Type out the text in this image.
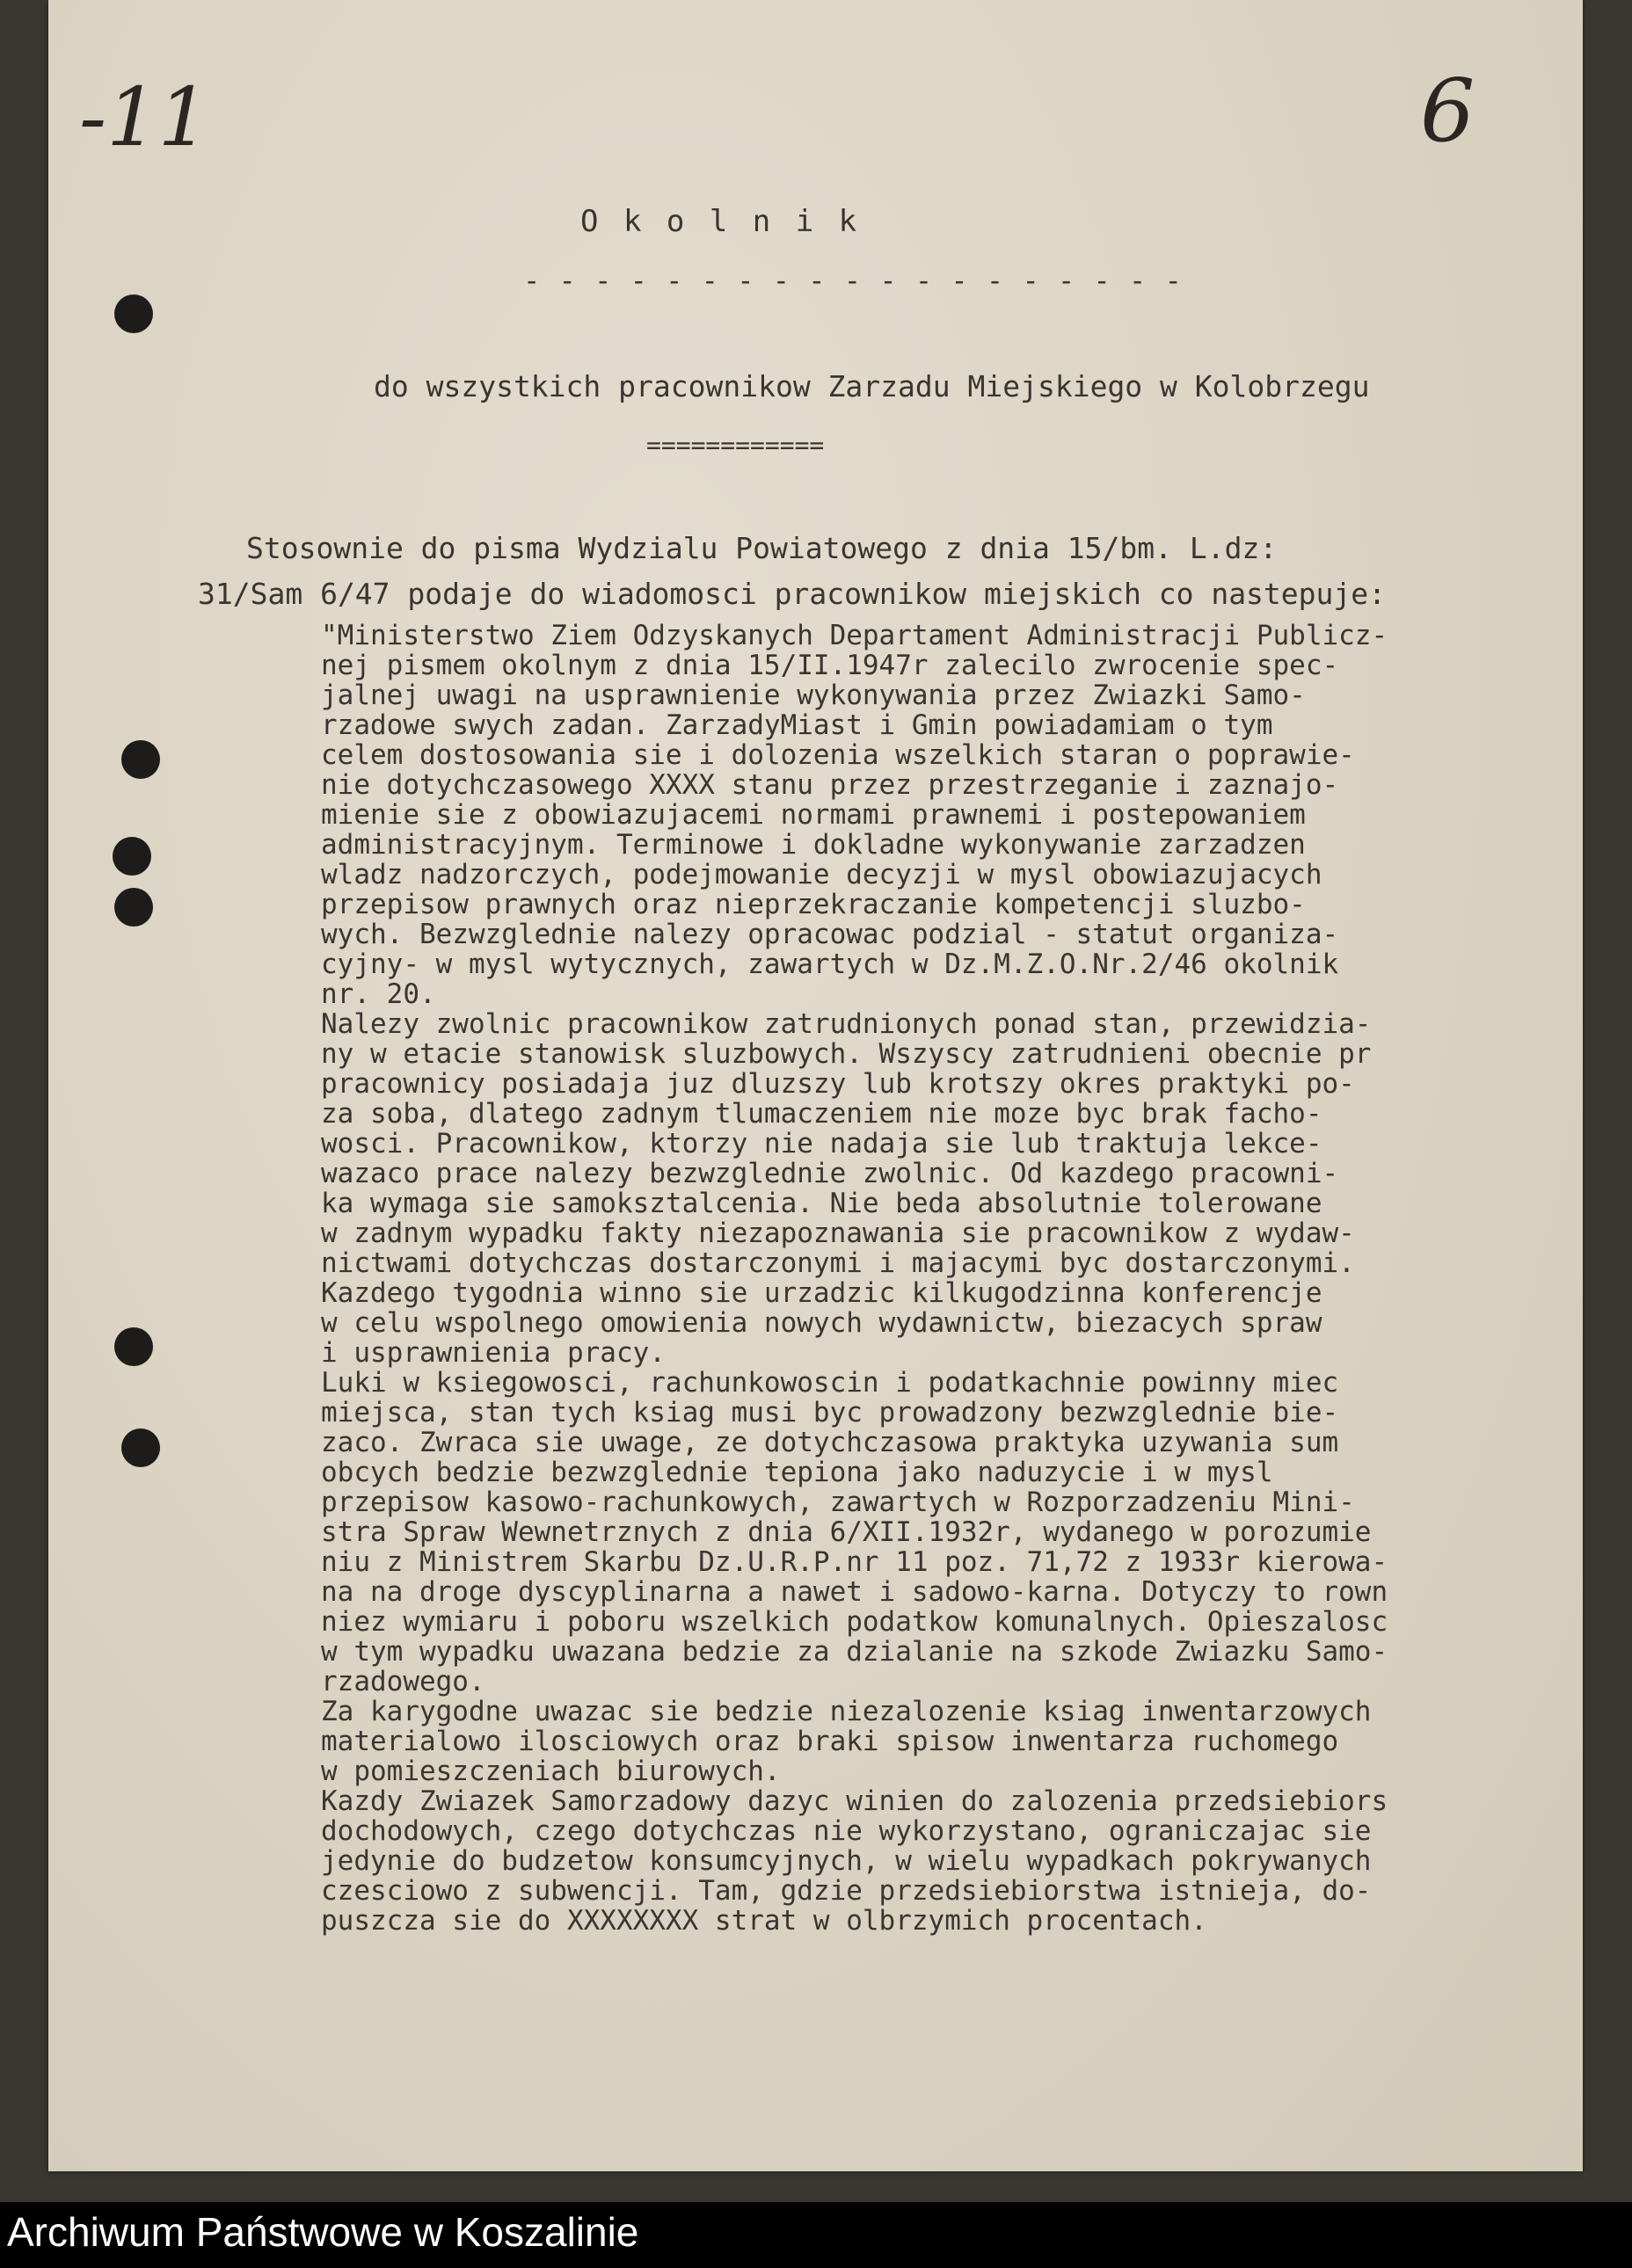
-11	6
O k o l n i k
- - - - - - - - - - - - - - - - - - -
do wszystkich pracownikow Zarzadu Miejskiego w Kolobrzegu
============
Stosownie do pisma Wydzialu Powiatowego z dnia 15/bm. L.dz:
31/Sam 6/47 podaje do wiadomosci pracownikow miejskich co nastepuje:
"Ministerstwo Ziem Odzyskanych Departament Administracji Publicz-
nej pismem okolnym z dnia 15/II.1947r zalecilo zwrocenie spec-
jalnej uwagi na usprawnienie wykonywania przez Zwiazki Samo-
rzadowe swych zadan. ZarzadyMiast i Gmin powiadamiam o tym
celem dostosowania sie i dolozenia wszelkich staran o poprawie-
nie dotychczasowego XXXX stanu przez przestrzeganie i zaznajo-
mienie sie z obowiazujacemi normami prawnemi i postepowaniem
administracyjnym. Terminowe i dokladne wykonywanie zarzadzen
wladz nadzorczych, podejmowanie decyzji w mysl obowiazujacych
przepisow prawnych oraz nieprzekraczanie kompetencji sluzbo-
wych. Bezwzglednie nalezy opracowac podzial - statut organiza-
cyjny- w mysl wytycznych, zawartych w Dz.M.Z.O.Nr.2/46 okolnik
nr. 20.
Nalezy zwolnic pracownikow zatrudnionych ponad stan, przewidzia-
ny w etacie stanowisk sluzbowych. Wszyscy zatrudnieni obecnie pr
pracownicy posiadaja juz dluzszy lub krotszy okres praktyki po-
za soba, dlatego zadnym tlumaczeniem nie moze byc brak facho-
wosci. Pracownikow, ktorzy nie nadaja sie lub traktuja lekce-
wazaco prace nalezy bezwzglednie zwolnic. Od kazdego pracowni-
ka wymaga sie samoksztalcenia. Nie beda absolutnie tolerowane
w zadnym wypadku fakty niezapoznawania sie pracownikow z wydaw-
nictwami dotychczas dostarczonymi i majacymi byc dostarczonymi.
Kazdego tygodnia winno sie urzadzic kilkugodzinna konferencje
w celu wspolnego omowienia nowych wydawnictw, biezacych spraw
i usprawnienia pracy.
Luki w ksiegowosci, rachunkowoscin i podatkachnie powinny miec
miejsca, stan tych ksiag musi byc prowadzony bezwzglednie bie-
zaco. Zwraca sie uwage, ze dotychczasowa praktyka uzywania sum
obcych bedzie bezwzglednie tepiona jako naduzycie i w mysl
przepisow kasowo-rachunkowych, zawartych w Rozporzadzeniu Mini-
stra Spraw Wewnetrznych z dnia 6/XII.1932r, wydanego w porozumie
niu z Ministrem Skarbu Dz.U.R.P.nr 11 poz. 71,72 z 1933r kierowa-
na na droge dyscyplinarna a nawet i sadowo-karna. Dotyczy to rown
niez wymiaru i poboru wszelkich podatkow komunalnych. Opieszalosc
w tym wypadku uwazana bedzie za dzialanie na szkode Zwiazku Samo-
rzadowego.
Za karygodne uwazac sie bedzie niezalozenie ksiag inwentarzowych
materialowo ilosciowych oraz braki spisow inwentarza ruchomego
w pomieszczeniach biurowych.
Kazdy Zwiazek Samorzadowy dazyc winien do zalozenia przedsiebiors
dochodowych, czego dotychczas nie wykorzystano, ograniczajac sie
jedynie do budzetow konsumcyjnych, w wielu wypadkach pokrywanych
czesciowo z subwencji. Tam, gdzie przedsiebiorstwa istnieja, do-
puszcza sie do XXXXXXXX strat w olbrzymich procentach.
Archiwum Państwowe w Koszalinie
